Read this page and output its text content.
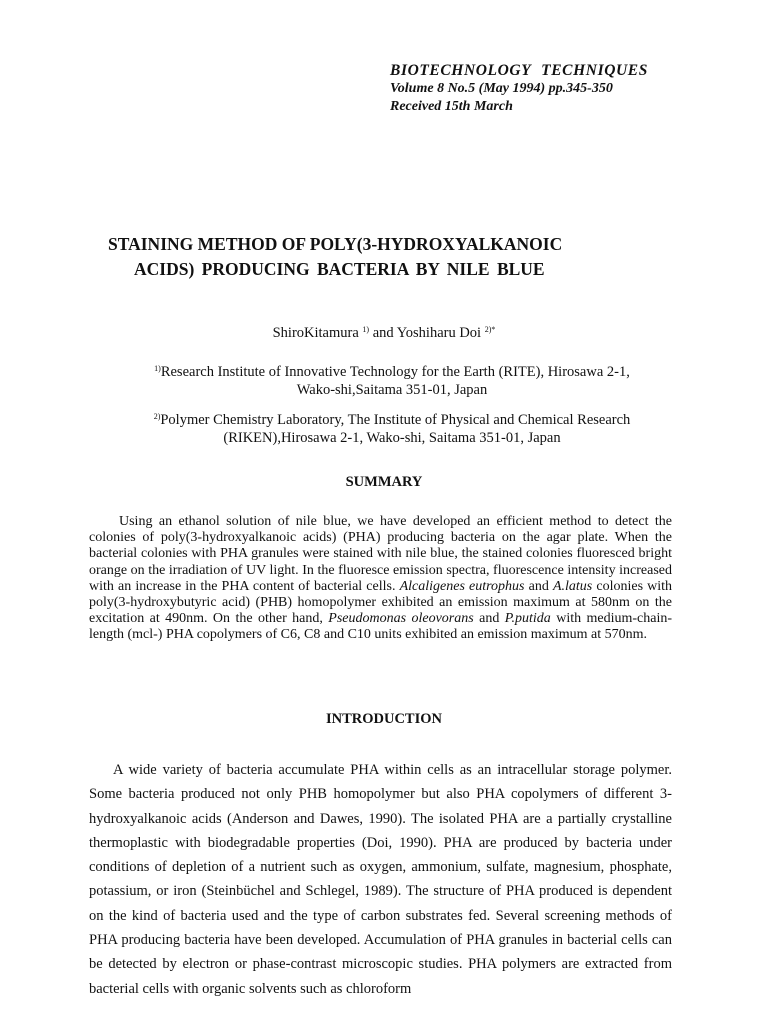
BIOTECHNOLOGY TECHNIQUES
Volume 8 No.5 (May 1994) pp.345-350
Received 15th March
STAINING METHOD OF POLY(3-HYDROXYALKANOIC
ACIDS) PRODUCING BACTERIA BY NILE BLUE
ShiroKitamura $^{1)}$ and Yoshiharu Doi $^{2)*}$
$^{1)}$Research Institute of Innovative Technology for the Earth (RITE), Hirosawa 2-1,
Wako-shi,Saitama 351-01, Japan
$^{2)}$Polymer Chemistry Laboratory, The Institute of Physical and Chemical Research
(RIKEN),Hirosawa 2-1, Wako-shi, Saitama 351-01, Japan
SUMMARY

Using an ethanol solution of nile blue, we have developed an efficient method to detect the colonies of poly(3-hydroxyalkanoic acids) (PHA) producing bacteria on the agar plate. When the bacterial colonies with PHA granules were stained with nile blue, the stained colonies fluoresced bright orange on the irradiation of UV light. In the fluoresce emission spectra, fluorescence intensity increased with an increase in the PHA content of bacterial cells. Alcaligenes eutrophus and A.latus colonies with poly(3-hydroxybutyric acid) (PHB) homopolymer exhibited an emission maximum at 580nm on the excitation at 490nm. On the other hand, Pseudomonas oleovorans and P.putida with medium-chain-length (mcl-) PHA copolymers of C6, C8 and C10 units exhibited an emission maximum at 570nm.

INTRODUCTION

A wide variety of bacteria accumulate PHA within cells as an intracellular storage polymer. Some bacteria produced not only PHB homopolymer but also PHA copolymers of different 3-hydroxyalkanoic acids (Anderson and Dawes, 1990). The isolated PHA are a partially crystalline thermoplastic with biodegradable properties (Doi, 1990). PHA are produced by bacteria under conditions of depletion of a nutrient such as oxygen, ammonium, sulfate, magnesium, phosphate, potassium, or iron (Steinbüchel and Schlegel, 1989). The structure of PHA produced is dependent on the kind of bacteria used and the type of carbon substrates fed. Several screening methods of PHA producing bacteria have been developed. Accumulation of PHA granules in bacterial cells can be detected by electron or phase-contrast microscopic studies. PHA polymers are extracted from bacterial cells with organic solvents such as chloroform
